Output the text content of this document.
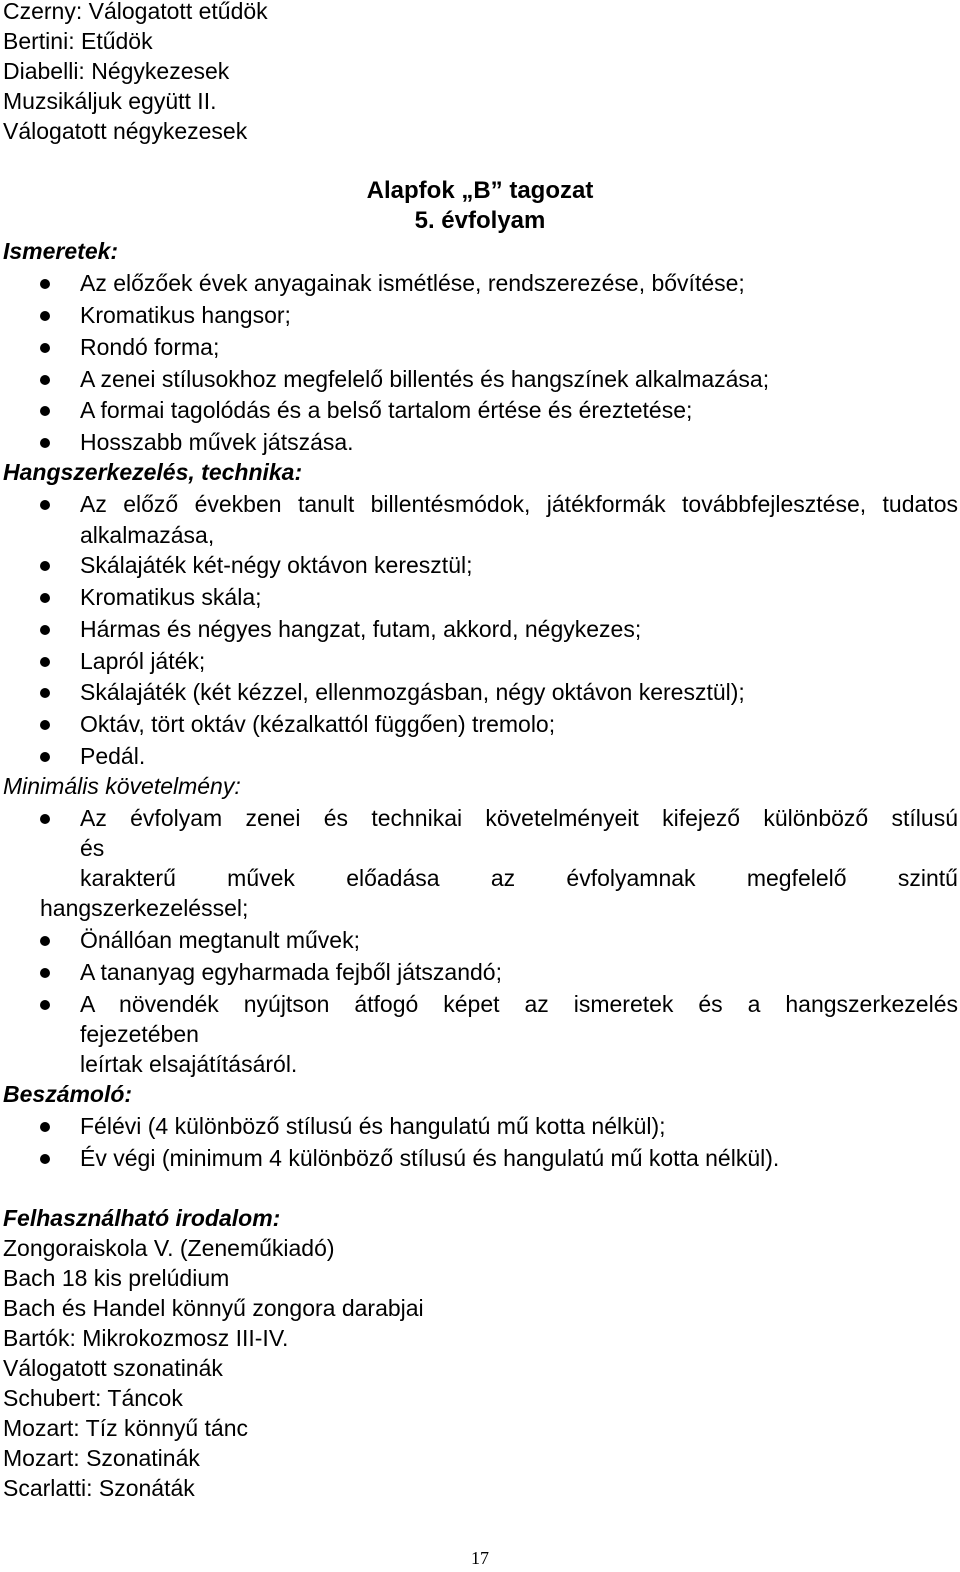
Czerny: Válogatott etűdök
Bertini: Etűdök
Diabelli: Négykezesek
Muzsikáljuk együtt II.
Válogatott négykezesek
Alapfok „B” tagozat
5. évfolyam
Ismeretek:
Az előzőek évek anyagainak ismétlése, rendszerezése, bővítése;
Kromatikus hangsor;
Rondó forma;
A zenei stílusokhoz megfelelő billentés és hangszínek alkalmazása;
A formai tagolódás és a belső tartalom értése és éreztetése;
Hosszabb művek játszása.
Hangszerkezelés, technika:
Az előző években tanult billentésmódok, játékformák továbbfejlesztése, tudatos alkalmazása,
Skálajáték két-négy oktávon keresztül;
Kromatikus skála;
Hármas és négyes hangzat, futam, akkord, négykezes;
Lapról játék;
Skálajáték (két kézzel, ellenmozgásban, négy oktávon keresztül);
Oktáv, tört oktáv (kézalkattól függően) tremolo;
Pedál.
Minimális követelmény:
Az évfolyam zenei és technikai követelményeit kifejező különböző stílusú
és
karakterű művek előadása az évfolyamnak megfelelő szintű
hangszerkezeléssel;
Önállóan megtanult művek;
A tananyag egyharmada fejből játszandó;
A növendék nyújtson átfogó képet az ismeretek és a hangszerkezelés
fejezetében
leírtak elsajátításáról.
Beszámoló:
Félévi (4 különböző stílusú és hangulatú mű kotta nélkül);
Év végi (minimum 4 különböző stílusú és hangulatú mű kotta nélkül).
Felhasználható irodalom:
Zongoraiskola V. (Zeneműkiadó)
Bach 18 kis prelúdium
Bach és Handel könnyű zongora darabjai
Bartók: Mikrokozmosz III-IV.
Válogatott szonatinák
Schubert: Táncok
Mozart: Tíz könnyű tánc
Mozart: Szonatinák
Scarlatti: Szonáták
17
